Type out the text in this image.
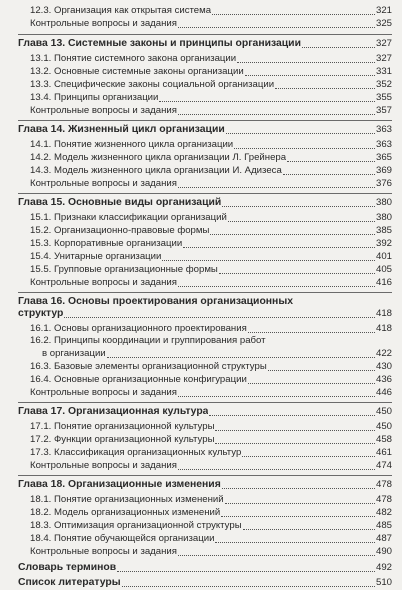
12.3. Организация как открытая система	321
Контрольные вопросы и задания	325
Глава 13. Системные законы и принципы организации	327
13.1. Понятие системного закона организации	327
13.2. Основные системные законы организации	331
13.3. Специфические законы социальной организации	352
13.4. Принципы организации	355
Контрольные вопросы и задания	357
Глава 14. Жизненный цикл организации	363
14.1. Понятие жизненного цикла организации	363
14.2. Модель жизненного цикла организации Л. Грейнера	365
14.3. Модель жизненного цикла организации И. Адизеса	369
Контрольные вопросы и задания	376
Глава 15. Основные виды организаций	380
15.1. Признаки классификации организаций	380
15.2. Организационно-правовые формы	385
15.3. Корпоративные организации	392
15.4. Унитарные организации	401
15.5. Групповые организационные формы	405
Контрольные вопросы и задания	416
Глава 16. Основы проектирования организационных
структур	418
16.1. Основы организационного проектирования	418
16.2. Принципы координации и группирования работ
в организации	422
16.3. Базовые элементы организационной структуры	430
16.4. Основные организационные конфигурации	436
Контрольные вопросы и задания	446
Глава 17. Организационная культура	450
17.1. Понятие организационной культуры	450
17.2. Функции организационной культуры	458
17.3. Классификация организационных культур	461
Контрольные вопросы и задания	474
Глава 18. Организационные изменения	478
18.1. Понятие организационных изменений	478
18.2. Модель организационных изменений	482
18.3. Оптимизация организационной структуры	485
18.4. Понятие обучающейся организации	487
Контрольные вопросы и задания	490
Словарь терминов	492
Список литературы	510
